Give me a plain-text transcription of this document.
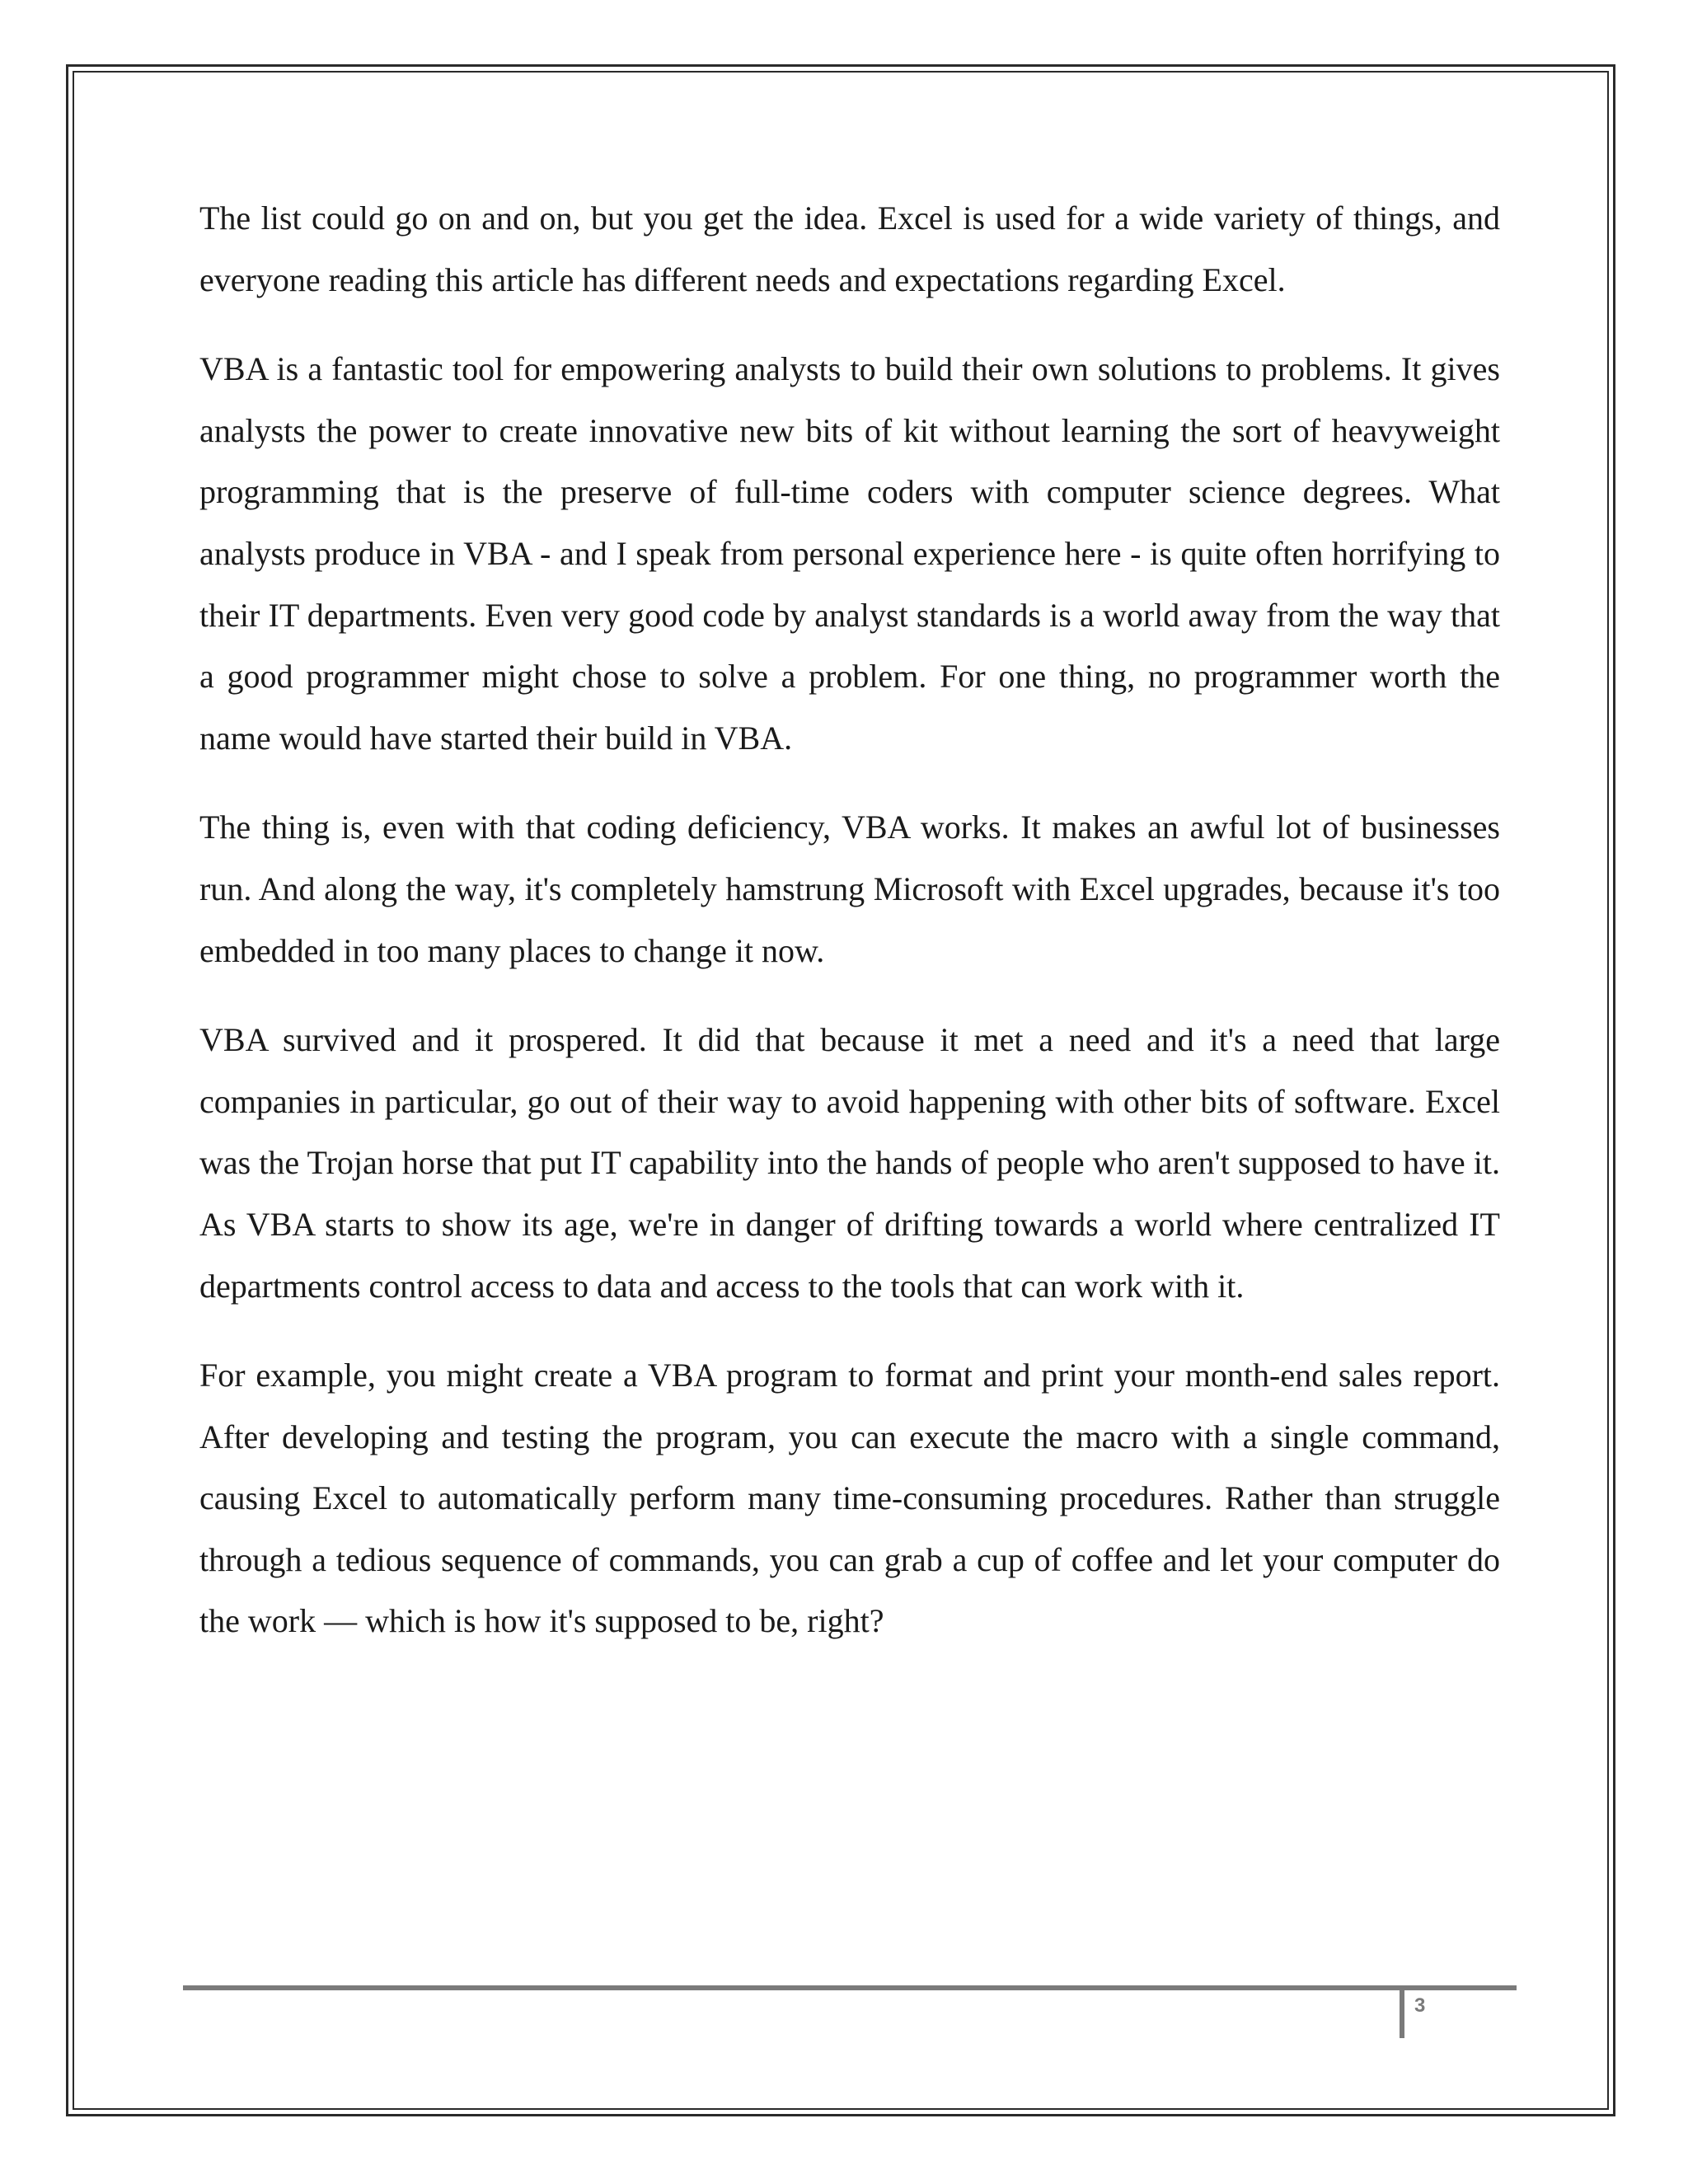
The list could go on and on, but you get the idea. Excel is used for a wide variety of things, and everyone reading this article has different needs and expectations regarding Excel.

VBA is a fantastic tool for empowering analysts to build their own solutions to problems. It gives analysts the power to create innovative new bits of kit without learning the sort of heavyweight programming that is the preserve of full-time coders with computer science degrees. What analysts produce in VBA - and I speak from personal experience here - is quite often horrifying to their IT departments. Even very good code by analyst standards is a world away from the way that a good programmer might chose to solve a problem. For one thing, no programmer worth the name would have started their build in VBA.

The thing is, even with that coding deficiency, VBA works. It makes an awful lot of businesses run. And along the way, it's completely hamstrung Microsoft with Excel upgrades, because it's too embedded in too many places to change it now.

VBA survived and it prospered. It did that because it met a need and it's a need that large companies in particular, go out of their way to avoid happening with other bits of software. Excel was the Trojan horse that put IT capability into the hands of people who aren't supposed to have it. As VBA starts to show its age, we're in danger of drifting towards a world where centralized IT departments control access to data and access to the tools that can work with it.

For example, you might create a VBA program to format and print your month-end sales report. After developing and testing the program, you can execute the macro with a single command, causing Excel to automatically perform many time-consuming procedures. Rather than struggle through a tedious sequence of commands, you can grab a cup of coffee and let your computer do the work — which is how it's supposed to be, right?

3
